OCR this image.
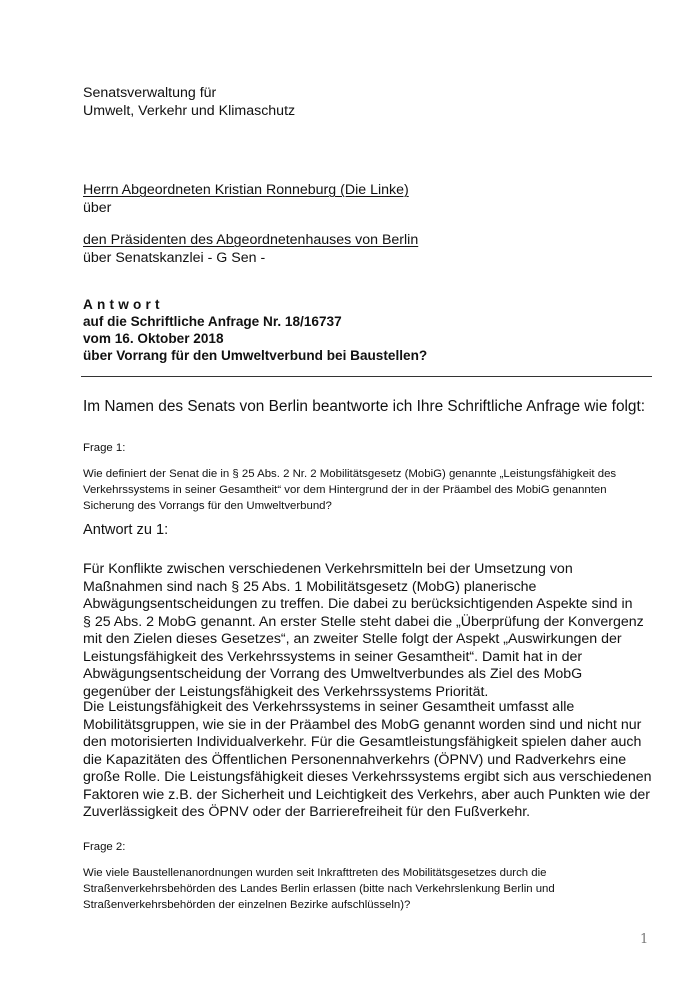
Senatsverwaltung für
Umwelt, Verkehr und Klimaschutz
Herrn Abgeordneten Kristian Ronneburg (Die Linke)
über
den Präsidenten des Abgeordnetenhauses von Berlin
über Senatskanzlei - G Sen -
Antwort
auf die Schriftliche Anfrage Nr. 18/16737
vom 16. Oktober 2018
über Vorrang für den Umweltverbund bei Baustellen?
Im Namen des Senats von Berlin beantworte ich Ihre Schriftliche Anfrage wie folgt:
Frage 1:
Wie definiert der Senat die in § 25 Abs. 2 Nr. 2 Mobilitätsgesetz (MobiG) genannte „Leistungsfähigkeit des
Verkehrssystems in seiner Gesamtheit“ vor dem Hintergrund der in der Präambel des MobiG genannten
Sicherung des Vorrangs für den Umweltverbund?
Antwort zu 1:
Für Konflikte zwischen verschiedenen Verkehrsmitteln bei der Umsetzung von
Maßnahmen sind nach § 25 Abs. 1 Mobilitätsgesetz (MobG) planerische
Abwägungsentscheidungen zu treffen. Die dabei zu berücksichtigenden Aspekte sind in
§ 25 Abs. 2 MobG genannt. An erster Stelle steht dabei die „Überprüfung der Konvergenz
mit den Zielen dieses Gesetzes“, an zweiter Stelle folgt der Aspekt „Auswirkungen der
Leistungsfähigkeit des Verkehrssystems in seiner Gesamtheit“. Damit hat in der
Abwägungsentscheidung der Vorrang des Umweltverbundes als Ziel des MobG
gegenüber der Leistungsfähigkeit des Verkehrssystems Priorität.
Die Leistungsfähigkeit des Verkehrssystems in seiner Gesamtheit umfasst alle
Mobilitätsgruppen, wie sie in der Präambel des MobG genannt worden sind und nicht nur
den motorisierten Individualverkehr. Für die Gesamtleistungsfähigkeit spielen daher auch
die Kapazitäten des Öffentlichen Personennahverkehrs (ÖPNV) und Radverkehrs eine
große Rolle. Die Leistungsfähigkeit dieses Verkehrssystems ergibt sich aus verschiedenen
Faktoren wie z.B. der Sicherheit und Leichtigkeit des Verkehrs, aber auch Punkten wie der
Zuverlässigkeit des ÖPNV oder der Barrierefreiheit für den Fußverkehr.
Frage 2:
Wie viele Baustellenanordnungen wurden seit Inkrafttreten des Mobilitätsgesetzes durch die
Straßenverkehrsbehörden des Landes Berlin erlassen (bitte nach Verkehrslenkung Berlin und
Straßenverkehrsbehörden der einzelnen Bezirke aufschlüsseln)?
1
